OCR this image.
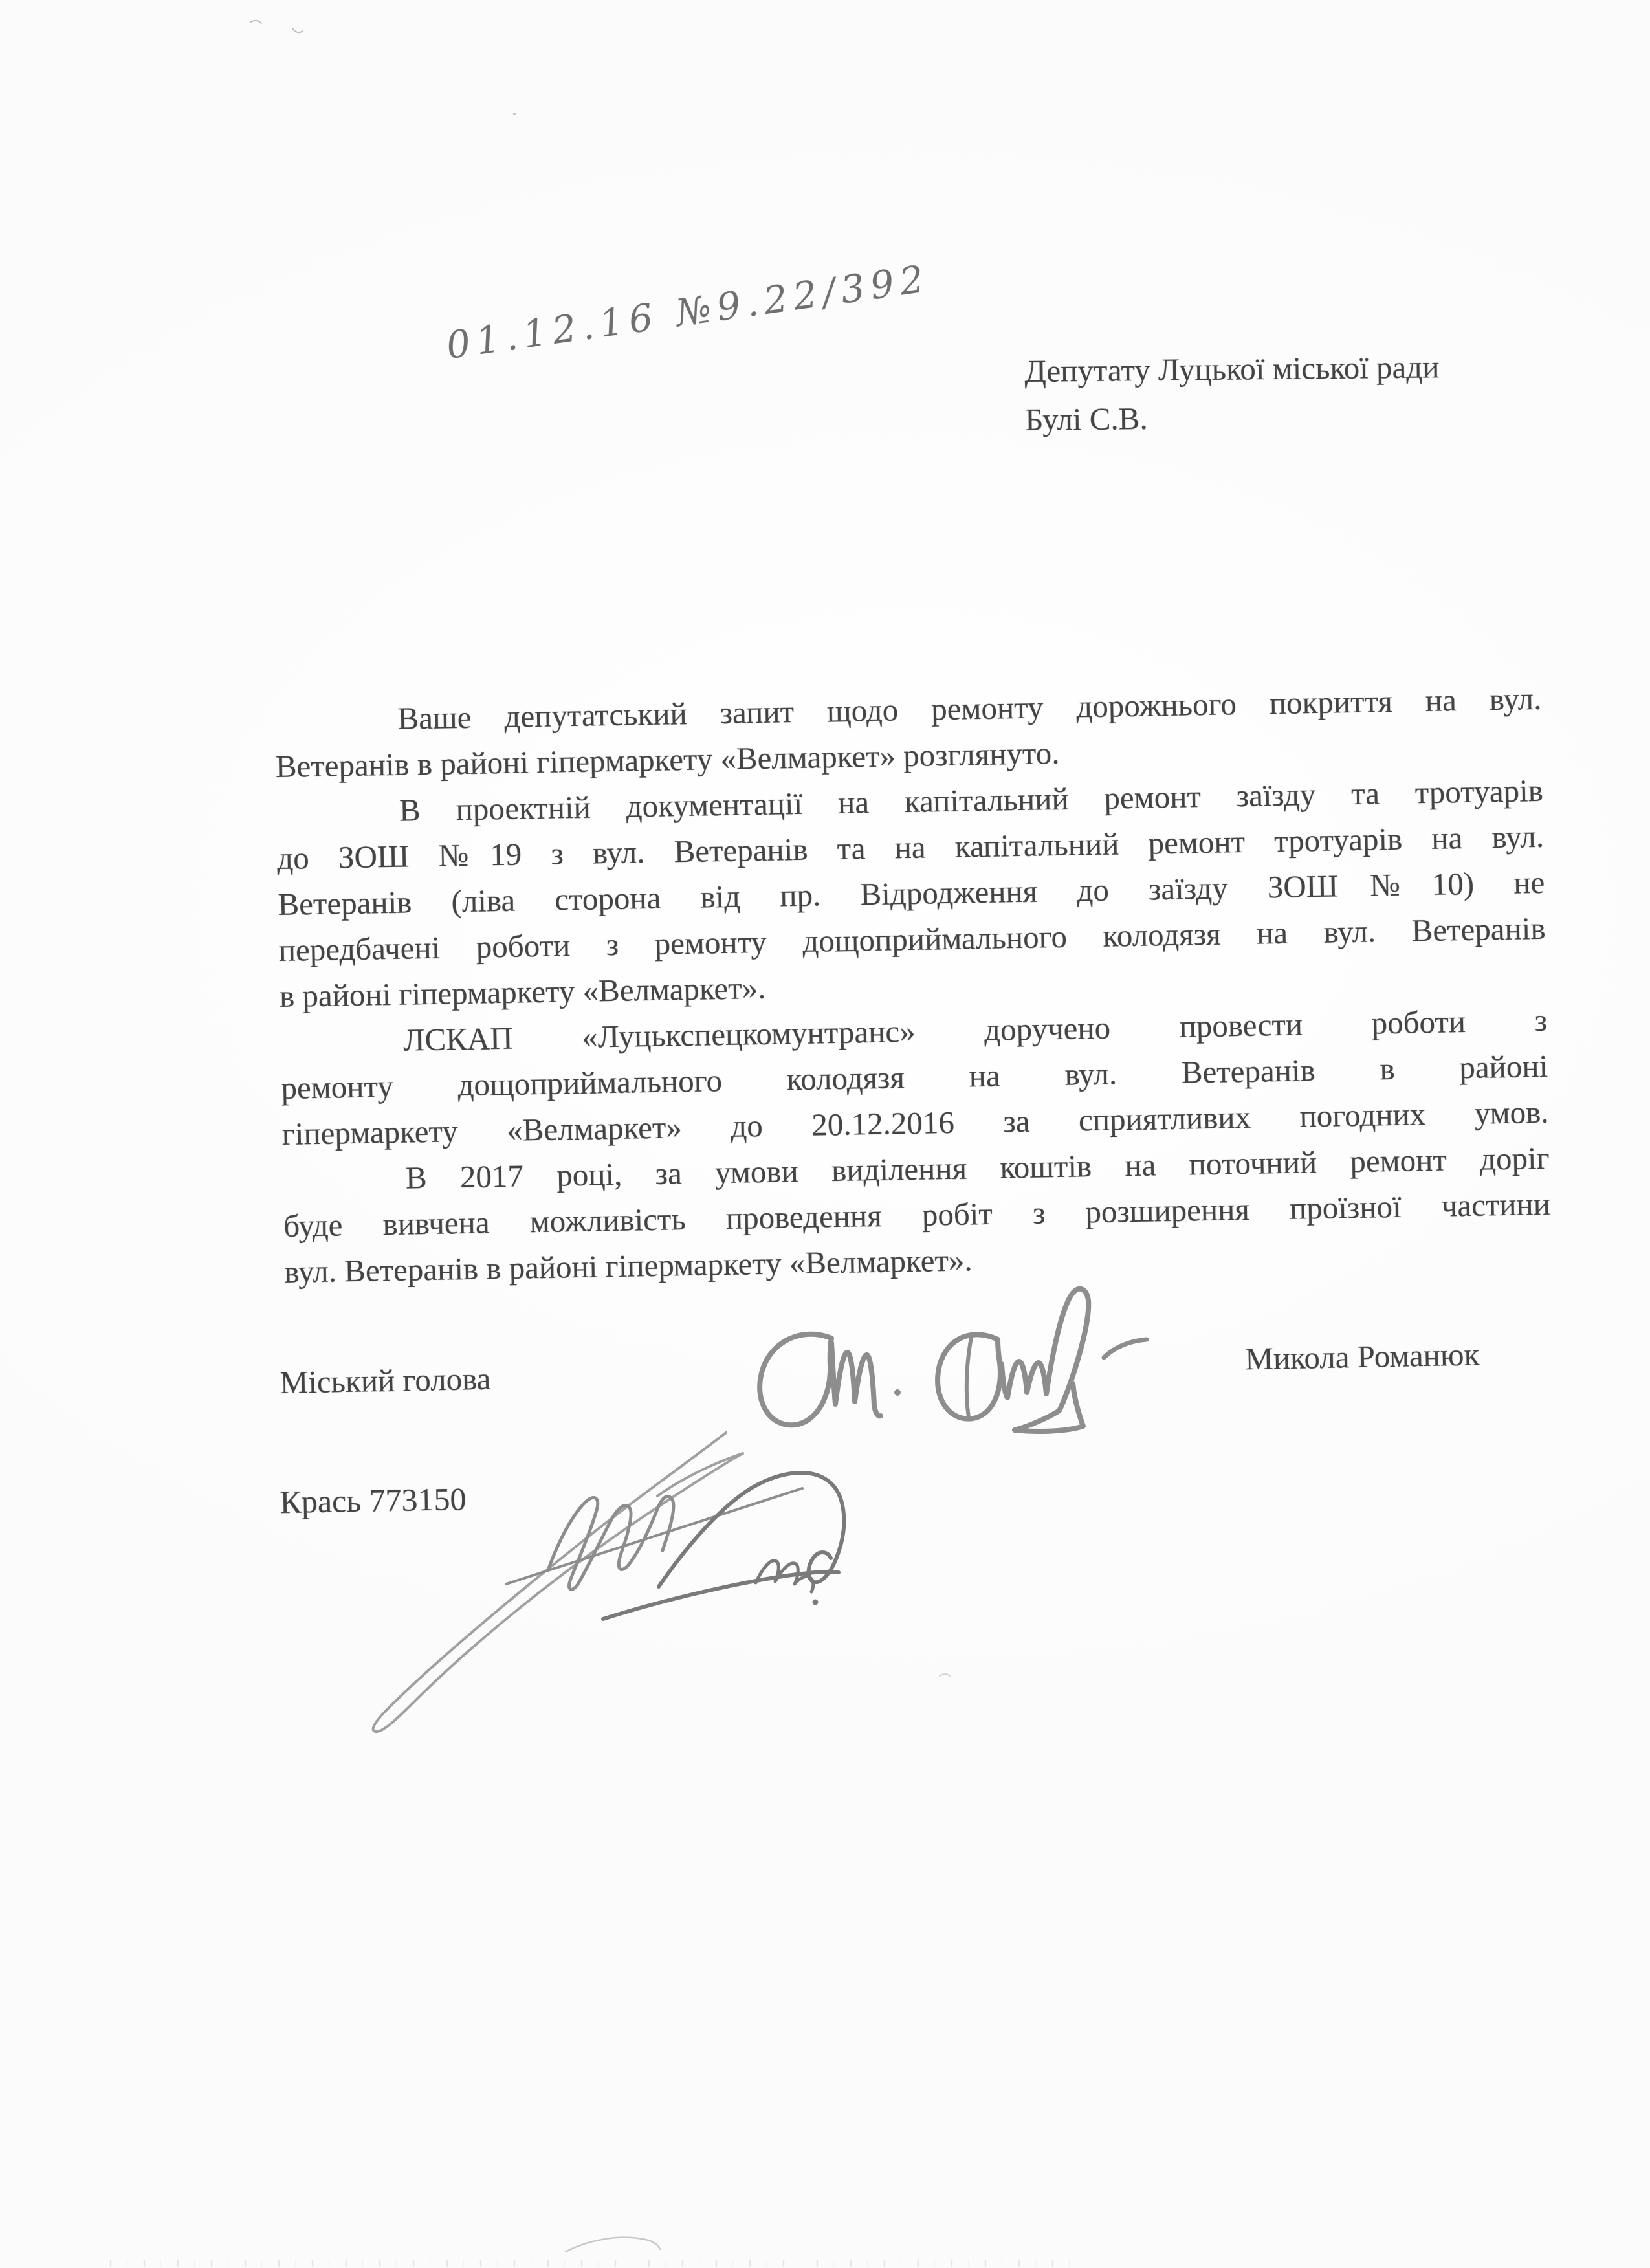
01.12.16 №9.22/392
Депутату Луцької міської ради
Булі С.В.
Ваше депутатський запит щодо ремонту дорожнього покриття на вул.
Ветеранів в районі гіпермаркету «Велмаркет» розглянуто.
В проектній документації на капітальний ремонт заїзду та тротуарів
до ЗОШ №19 з вул. Ветеранів та на капітальний ремонт тротуарів на вул.
Ветеранів (ліва сторона від пр. Відродження до заїзду ЗОШ№10) не
передбачені роботи з ремонту дощоприймального колодязя на вул. Ветеранів
в районі гіпермаркету «Велмаркет».
ЛСКАП «Луцькспецкомунтранс» доручено провести роботи з
ремонту дощоприймального колодязя на вул. Ветеранів в районі
гіпермаркету «Велмаркет» до 20.12.2016 за сприятливих погодних умов.
В 2017 році, за умови виділення коштів на поточний ремонт доріг
буде вивчена можливість проведення робіт з розширення проїзної частини
вул. Ветеранів в районі гіпермаркету «Велмаркет».
Міський голова
Микола Романюк
Крась 773150
